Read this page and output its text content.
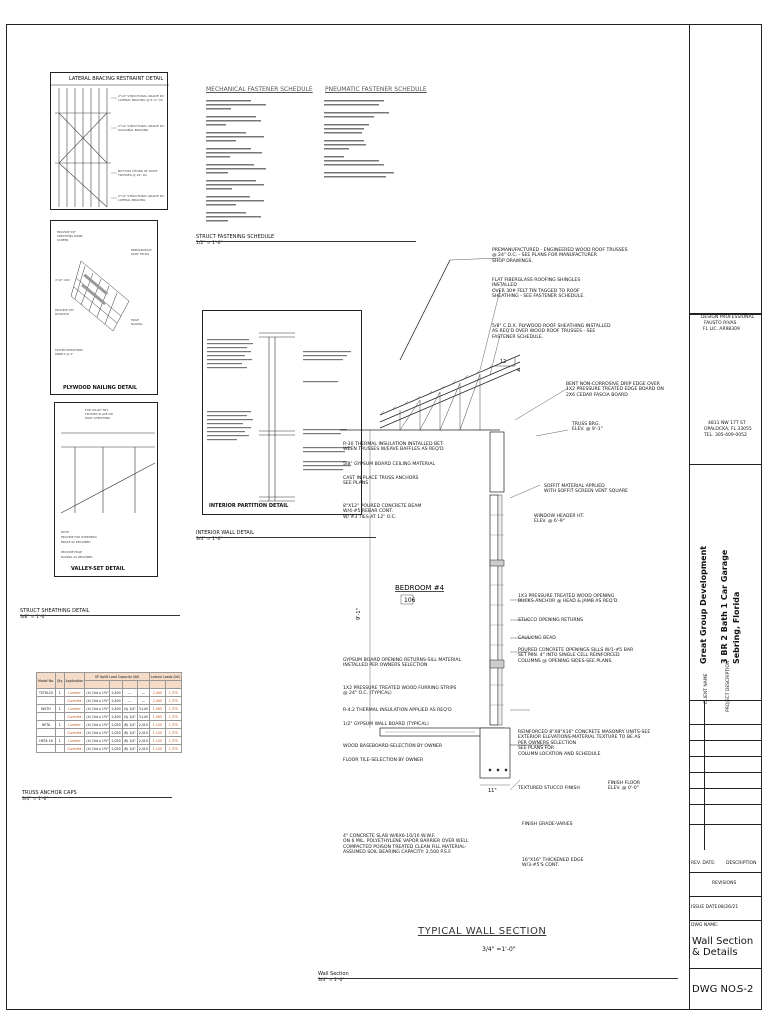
DESIGN PROFESSIONAL
FAUSTO RIVAS
FL LIC. AR98309
4811 NW 17T ST
OPALOCKA, FL 33055
TEL. 305-409-0052
CLIENT NAME
Great Group Development
PROJECT DESCRIPTION
3 BR 2 Bath 1 Car Garage Sebring, Florida
REV. DATE: DESCRIPTION
REVISIONS
ISSUE DATE: 08/26/21
DWG NAME:
Wall Section & Details
DWG NO.
S-2
LATERAL BRACING RESTRAINT DETAIL
2"x4" STRUCTURAL GRADE #2
LATERAL BRACING @ 6'-0" OC
2"x4" STRUCTURAL GRADE #2
DIAGONAL BRACING
BOTTOM CHORD OF ROOF
TRUSSES @ 24" OC
2"x4" STRUCTURAL GRADE #2
LATERAL BRACING
PROVIDE 5/8"
SHEATHING PANEL
SCREEN
4"x4" CDX
PROVIDE 5/8"
PLYWOOD
FASTEN SHEATHING
PANELS @ 4"
PREMANUFACT.
ROOF TRUSS
EDGE
NAILING
PLYWOOD NAILING DETAIL
FOR VALLEY SET
TRUSSES PLACE ON
ROOF SHEATHING
NOTE:
PROVIDE FOR OVERHEAD
BRACE AS REQUIRED
PROVIDE EDGE
NAILING AS REQUIRED
VALLEY-SET DETAIL
STRUCT SHEATHING DETAIL
3/8" = 1'-0"
MECHANICAL FASTENER SCHEDULE PNEUMATIC FASTENER SCHEDULE
STRUCT FASTENING SCHEDULE
1/2" = 1'-0"
INTERIOR PARTITION DETAIL
INTERIOR WALL DETAIL
3/4" = 1'-0"
Model No.	Qty	Application	SP Uplift Load Capacity (lbf)				Lateral Loads (lbf)	

TSTRL25	1	Lumber	(4) 10d x 1½"	2,490	—	—	2,060	1,370
		Concrete	(4) 10d x 1½"	2,490	—	—	2,060	1,370
WSTH	1	Lumber	(4) 10d x 1½"	2,490	(4) 1/4"	3,145	1,565	1,370
		Concrete	(4) 10d x 1½"	2,490	(4) 1/4"	3,145	1,565	1,370
HETA	1	Lumber	(4) 10d x 1½"	2,030	(6) 1/4"	2,410	1,150	1,370
		Concrete	(4) 10d x 1½"	2,030	(6) 1/4"	2,410	1,150	1,370
HETA 16	1	Lumber	(4) 10d x 1½"	2,030	(6) 1/4"	2,410	1,150	1,370
		Concrete	(4) 10d x 1½"	2,030	(6) 1/4"	2,410	1,150	1,370
TRUSS ANCHOR CAPS
3/4" = 1'-0"
12
4
9'-1"
11"
BEDROOM #4
106
PREMANUFACTURED - ENGINEERED WOOD ROOF TRUSSES
@ 24" O.C. - SEE PLANS FOR MANUFACTURER
SHOP DRAWINGS.
FLAT FIBERGLASS ROOFING SHINGLES
INSTALLED
OVER 30# FELT TIN TAGGED TO ROOF
SHEATHING - SEE FASTENER SCHEDULE.
5/8" C.D.X. PLYWOOD ROOF SHEATHING INSTALLED
AS REQ'D OVER WOOD ROOF TRUSSES - SEE
FASTENER SCHEDULE.
BENT NON-CORROSIVE DRIP EDGE OVER
1X2 PRESSURE TREATED EDGE BOARD ON
2X6 CEDAR FASCIA BOARD
TRUSS BRG.
ELEV. @ 9'-1"
SOFFIT MATERIAL APPLIED
WITH SOFFIT SCREEN VENT SQUARE
WINDOW HEADER HT.
ELEV. @ 6'-9"
1X3 PRESSURE TREATED WOOD OPENING
BUCKS-ANCHOR @ HEAD & JAMB AS REQ'D.
STUCCO OPENING RETURNS
CAULKING BEAD
POURED CONCRETE OPENINGS SILLS W/1-#5 BAR
SET MIN. 4" INTO SINGLE CELL REINFORCED
COLUMNS @ OPENING SIDES-SEE PLANS.
REINFORCED 8"X8"X16" CONCRETE MASONRY UNITS-SEE
EXTERIOR ELEVATIONS-MATERIAL TEXTURE TO BE AS
PER OWNERS SELECTION
SEE PLANS FOR
COLUMN LOCATION AND SCHEDULE
TEXTURED STUCCO FINISH
FINISH FLOOR
ELEV. @ 0'-0"
FINISH GRADE-VARIES
16"X16" THICKENED EDGE
W/3-#5'S CONT.
R-30 THERMAL INSULATION INSTALLED BET-
WEEN TRUSSES W/EAVE BAFFLES AS REQ'D
5/8" GYPSUM BOARD CEILING MATERIAL
CAST IN PLACE TRUSS ANCHORS
SEE PLANS
8"X12" POURED CONCRETE BEAM
W/4-#5 REBAR CONT.
W/ #3 TIES AT 12" O.C.
GYPSUM BOARD OPENING RETURNS-SILL MATERIAL
INSTALLED PER OWNERS SELECTION
1X2 PRESSURE TREATED WOOD FURRING STRIPS
@ 24" O.C. (TYPICAL)
R-4.2 THERMAL INSULATION APPLIED AS REQ'D
1/2" GYPSUM WALL BOARD (TYPICAL)
WOOD BASEBOARD-SELECTION BY OWNER
FLOOR TILE-SELECTION BY OWNER
4" CONCRETE SLAB W/6X6-10/10 W.W.F.
ON 6 MIL. POLYETHYLENE VAPOR BARRIER OVER WELL
COMPACTED POISON TREATED CLEAN FILL MATERIAL-
ASSUMED SOIL BEARING CAPACITY: 2,500 P.S.F.
TYPICAL WALL SECTION
3/4" =1'-0"
Wall Section
3/4" = 1'-0"
